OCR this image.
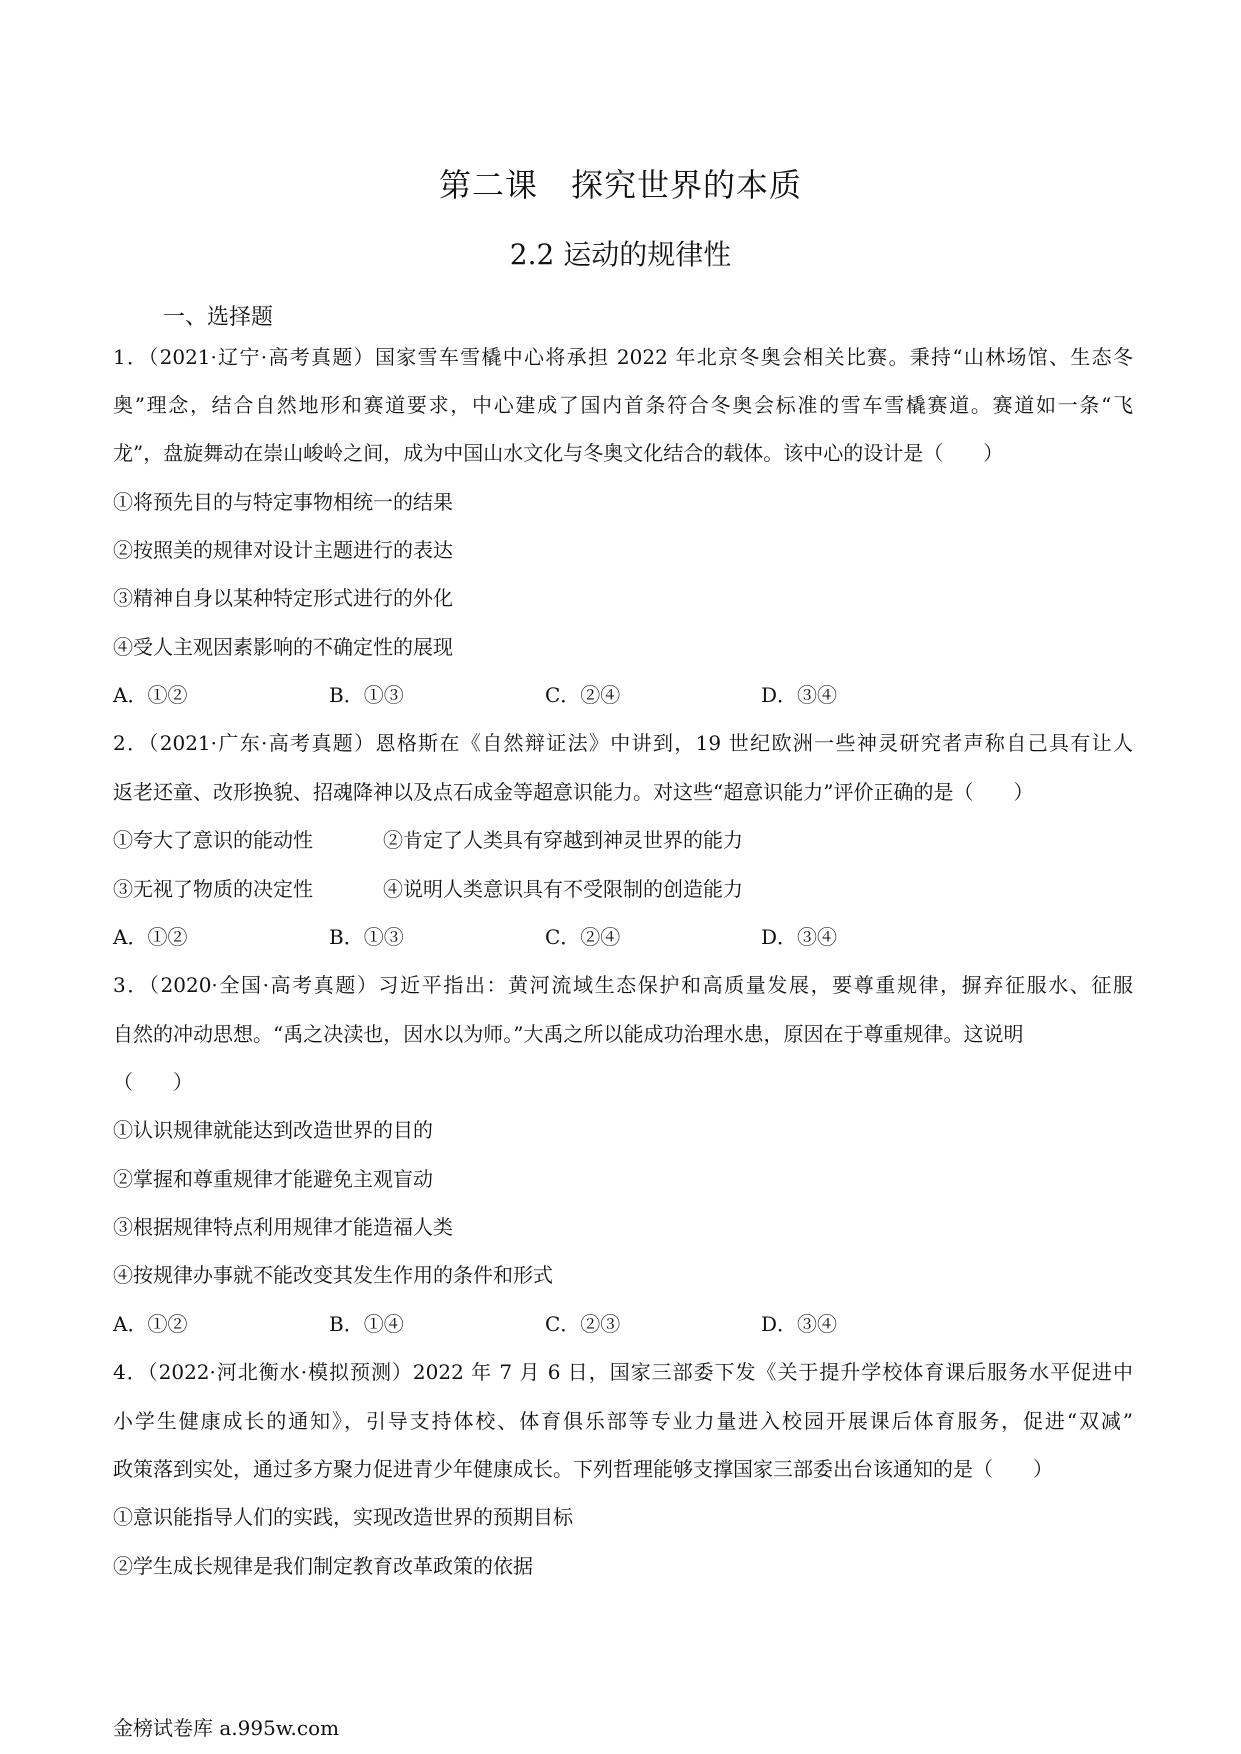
第二课　探究世界的本质
2.2 运动的规律性
一、选择题
1．（2021·辽宁·高考真题）国家雪车雪橇中心将承担 2022 年北京冬奥会相关比赛。秉持“山林场馆、生态冬
奥”理念，结合自然地形和赛道要求，中心建成了国内首条符合冬奥会标准的雪车雪橇赛道。赛道如一条“飞
龙”，盘旋舞动在崇山峻岭之间，成为中国山水文化与冬奥文化结合的载体。该中心的设计是（　　）
①将预先目的与特定事物相统一的结果
②按照美的规律对设计主题进行的表达
③精神自身以某种特定形式进行的外化
④受人主观因素影响的不确定性的展现
A．①②	B．①③	C．②④	D．③④
2．（2021·广东·高考真题）恩格斯在《自然辩证法》中讲到，19 世纪欧洲一些神灵研究者声称自己具有让人
返老还童、改形换貌、招魂降神以及点石成金等超意识能力。对这些“超意识能力”评价正确的是（　　）
①夸大了意识的能动性	②肯定了人类具有穿越到神灵世界的能力
③无视了物质的决定性	④说明人类意识具有不受限制的创造能力
A．①②	B．①③	C．②④	D．③④
3．（2020·全国·高考真题）习近平指出：黄河流域生态保护和高质量发展，要尊重规律，摒弃征服水、征服
自然的冲动思想。“禹之决渎也，因水以为师。”大禹之所以能成功治理水患，原因在于尊重规律。这说明
（　　）
①认识规律就能达到改造世界的目的
②掌握和尊重规律才能避免主观盲动
③根据规律特点利用规律才能造福人类
④按规律办事就不能改变其发生作用的条件和形式
A．①②	B．①④	C．②③	D．③④
4．（2022·河北衡水·模拟预测）2022 年 7 月 6 日，国家三部委下发《关于提升学校体育课后服务水平促进中
小学生健康成长的通知》，引导支持体校、体育俱乐部等专业力量进入校园开展课后体育服务，促进“双减”
政策落到实处，通过多方聚力促进青少年健康成长。下列哲理能够支撑国家三部委出台该通知的是（　　）
①意识能指导人们的实践，实现改造世界的预期目标
②学生成长规律是我们制定教育改革政策的依据
金榜试卷库 a.995w.com
